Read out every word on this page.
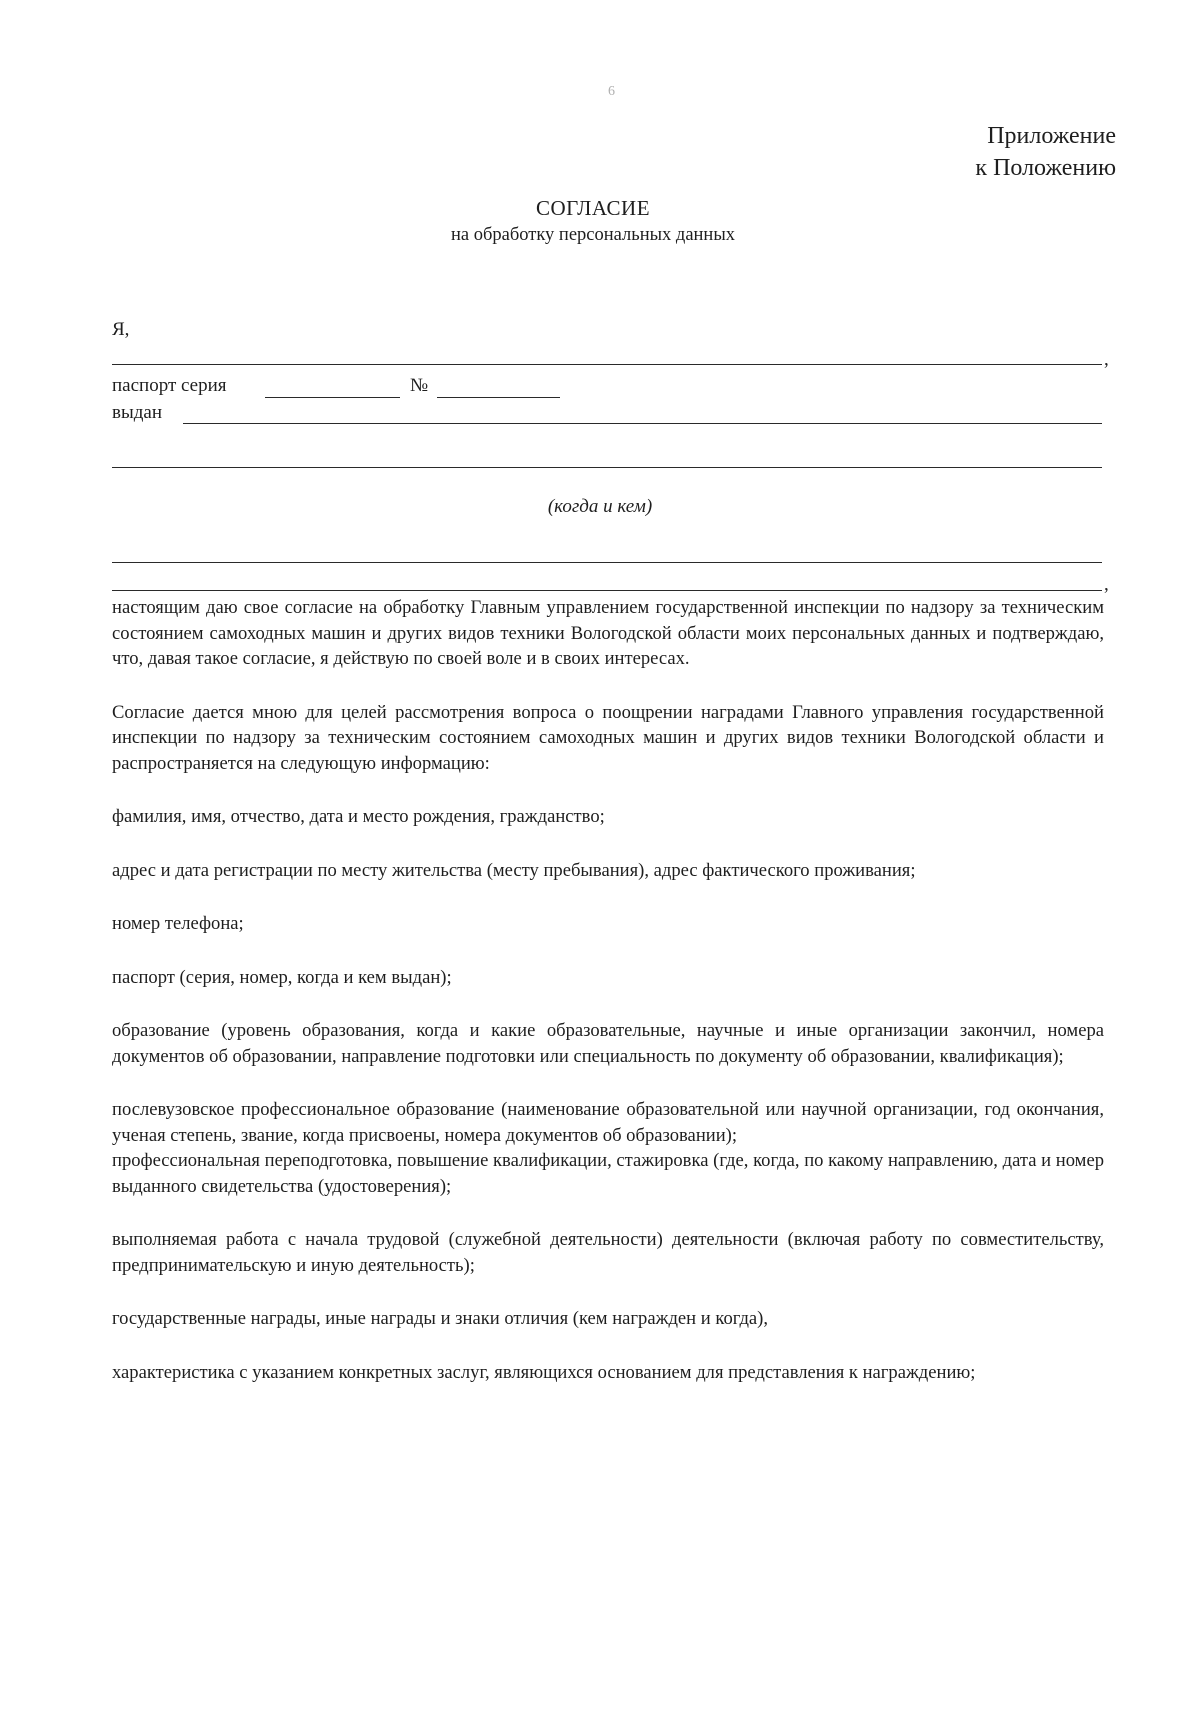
6
Приложение
к Положению
СОГЛАСИЕ
на обработку персональных данных
Я,
,
паспорт серия	№
выдан
(когда и кем)
,

настоящим даю свое согласие на обработку Главным управлением государственной инспекции по надзору за техническим состоянием самоходных машин и других видов техники Вологодской области моих персональных данных и подтверждаю, что, давая такое согласие, я действую по своей воле и в своих интересах.

Согласие дается мною для целей рассмотрения вопроса о поощрении наградами Главного управления государственной инспекции по надзору за техническим состоянием самоходных машин и других видов техники Вологодской области и распространяется на следующую информацию:

фамилия, имя, отчество, дата и место рождения, гражданство;

адрес и дата регистрации по месту жительства (месту пребывания), адрес фактического проживания;

номер телефона;

паспорт (серия, номер, когда и кем выдан);

образование (уровень образования, когда и какие образовательные, научные и иные организации закончил, номера документов об образовании, направление подготовки или специальность по документу об образовании, квалификация);

послевузовское профессиональное образование (наименование образовательной или научной организации, год окончания, ученая степень, звание, когда присвоены, номера документов об образовании);

профессиональная переподготовка, повышение квалификации, стажировка (где, когда, по какому направлению, дата и номер выданного свидетельства (удостоверения);

выполняемая работа с начала трудовой (служебной деятельности) деятельности (включая работу по совместительству, предпринимательскую и иную деятельность);

государственные награды, иные награды и знаки отличия (кем награжден и когда),

характеристика с указанием конкретных заслуг, являющихся основанием для представления к награждению;
